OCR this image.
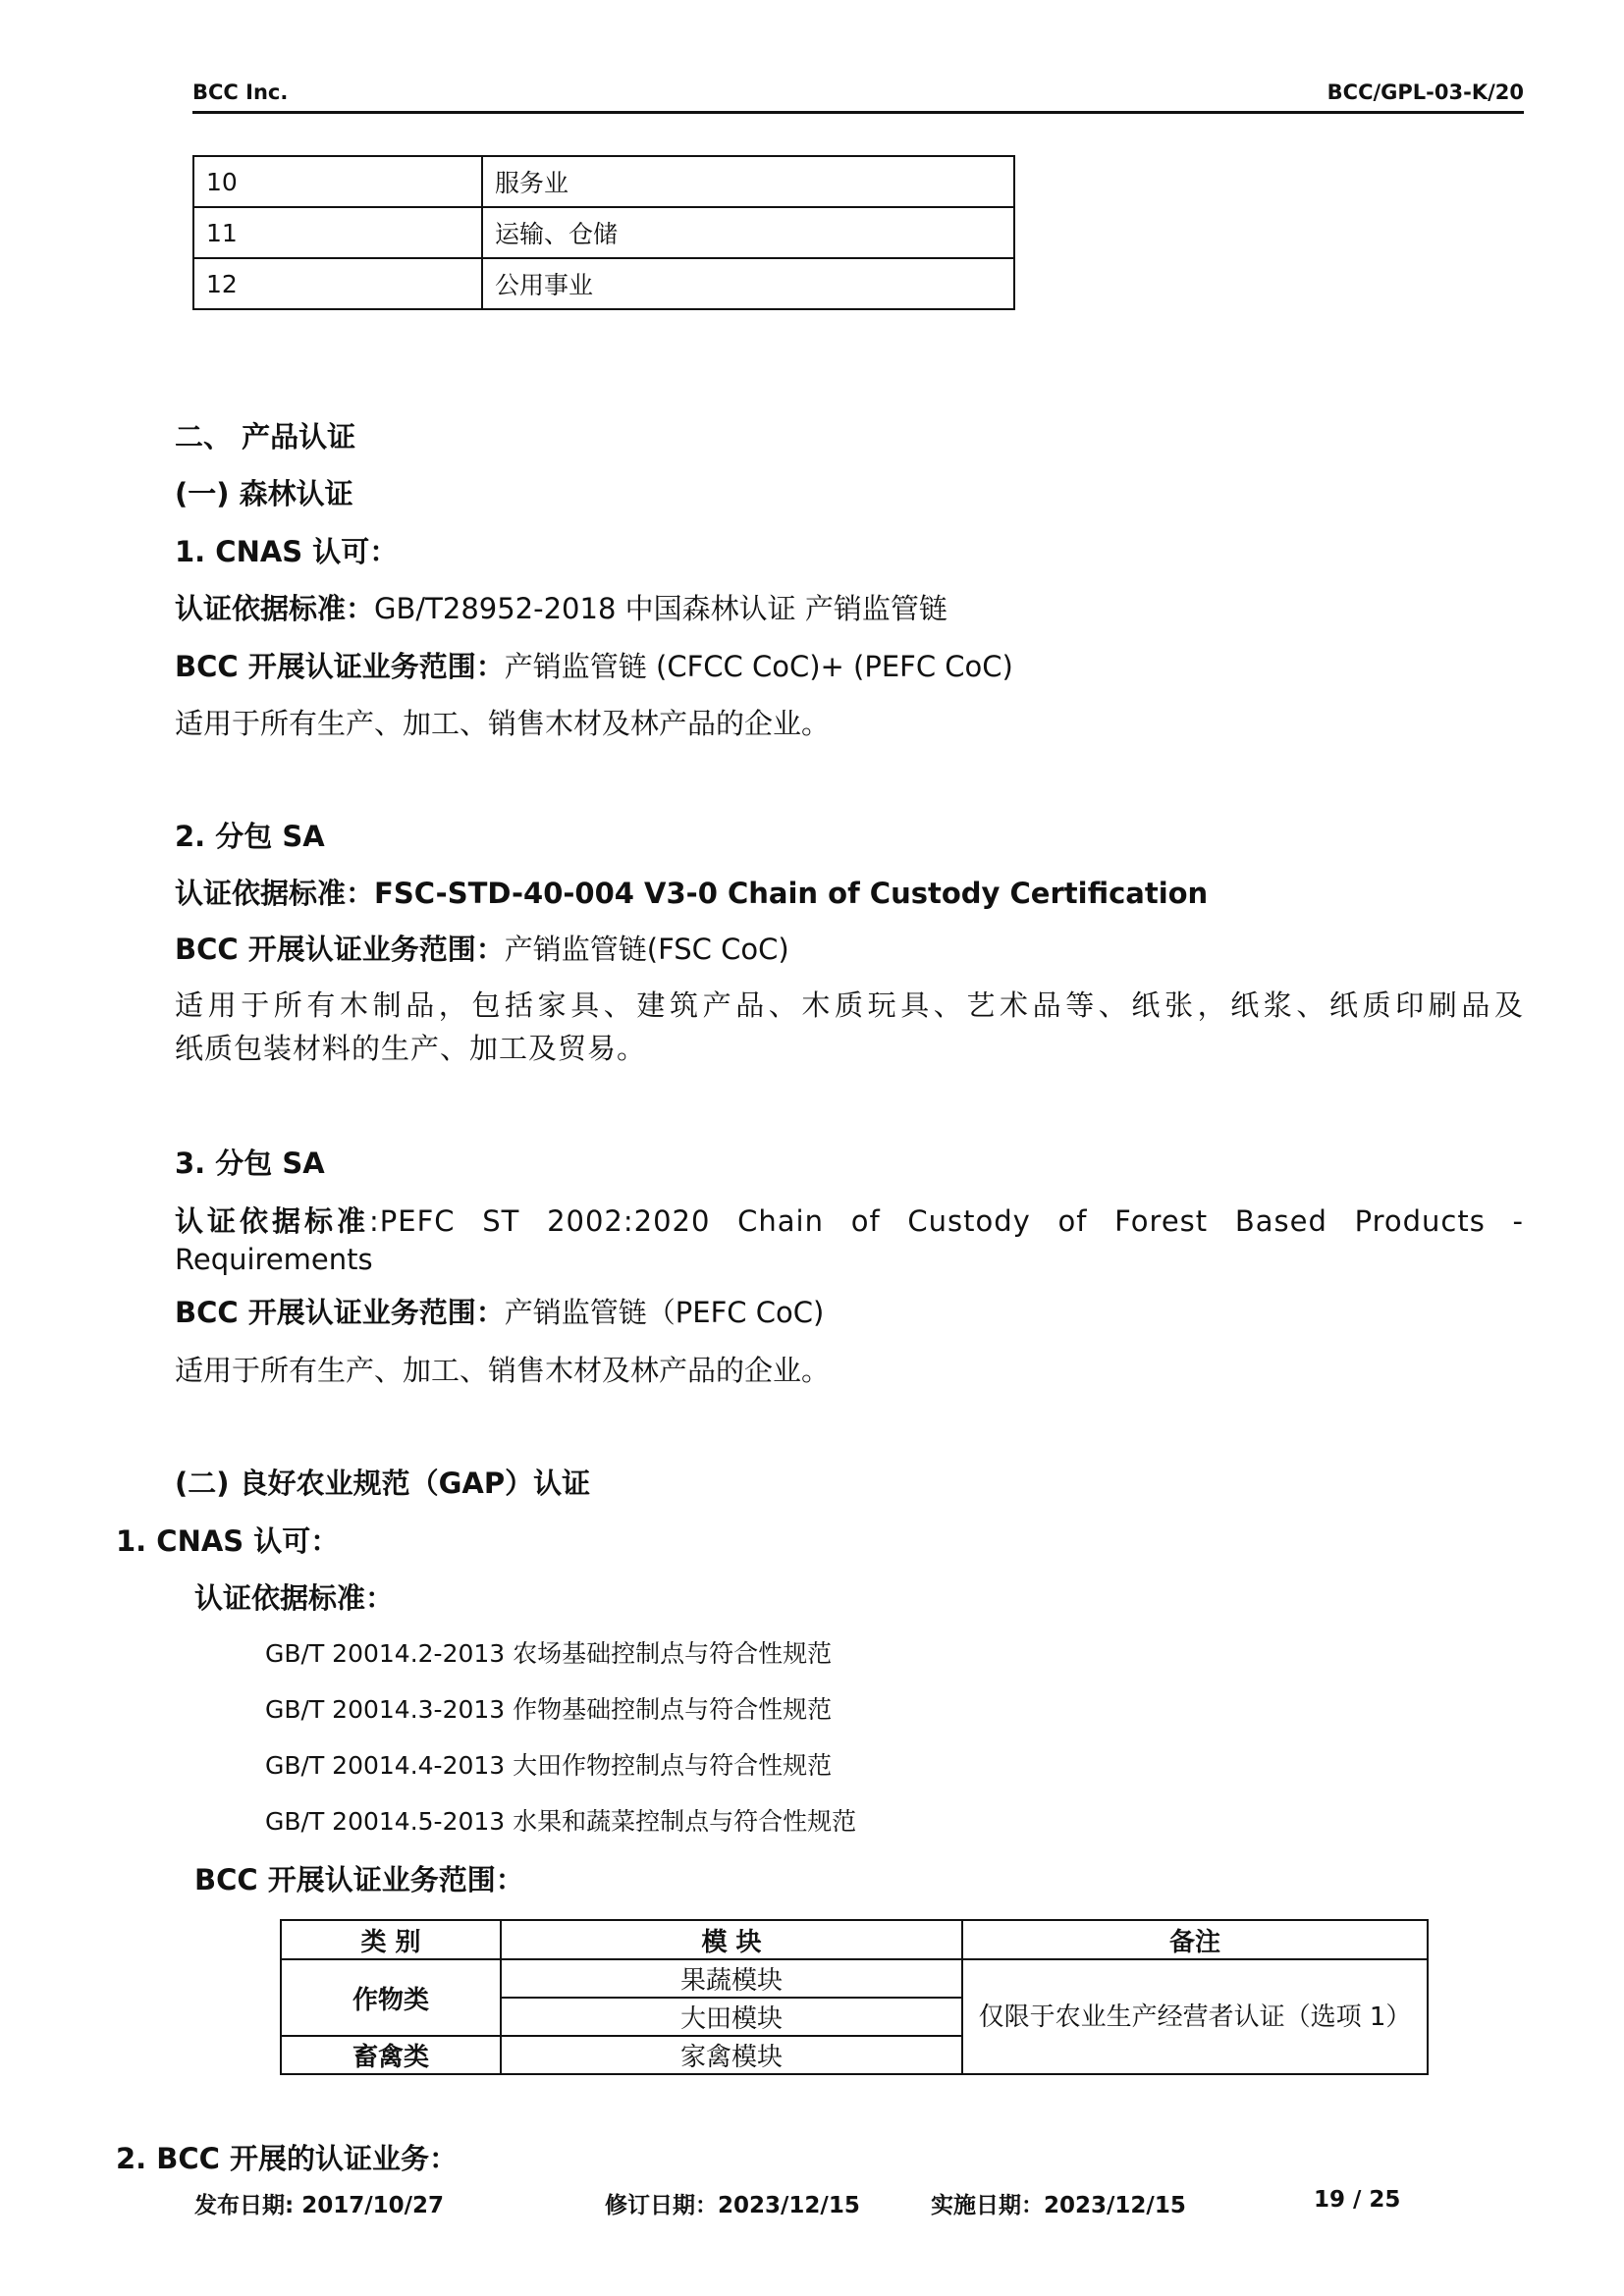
BCC Inc.	BCC/GPL-03-K/20
10	服务业
11	运输、仓储
12	公用事业
二、 产品认证
(一) 森林认证
1. CNAS 认可：
认证依据标准：GB/T28952-2018 中国森林认证 产销监管链
BCC 开展认证业务范围：产销监管链 (CFCC CoC)+ (PEFC CoC)
适用于所有生产、加工、销售木材及林产品的企业。
2. 分包 SA
认证依据标准：FSC-STD-40-004 V3-0 Chain of Custody Certification
BCC 开展认证业务范围：产销监管链(FSC CoC)
适用于所有木制品，包括家具、建筑产品、木质玩具、艺术品等、纸张，纸浆、纸质印刷品及
纸质包装材料的生产、加工及贸易。
3. 分包 SA
认证依据标准 :PEFC ST 2002:2020 Chain of Custody of Forest Based Products -
Requirements
BCC 开展认证业务范围：产销监管链（PEFC CoC)
适用于所有生产、加工、销售木材及林产品的企业。
(二) 良好农业规范（GAP）认证
1. CNAS 认可：
认证依据标准：
GB/T 20014.2-2013 农场基础控制点与符合性规范
GB/T 20014.3-2013 作物基础控制点与符合性规范
GB/T 20014.4-2013 大田作物控制点与符合性规范
GB/T 20014.5-2013 水果和蔬菜控制点与符合性规范
BCC 开展认证业务范围：
类 别	模 块	备注
作物类	果蔬模块	仅限于农业生产经营者认证（选项 1）
	大田模块	
畜禽类	家禽模块	
2. BCC 开展的认证业务：
发布日期: 2017/10/27	修订日期：2023/12/15	实施日期：2023/12/15	19 / 25
